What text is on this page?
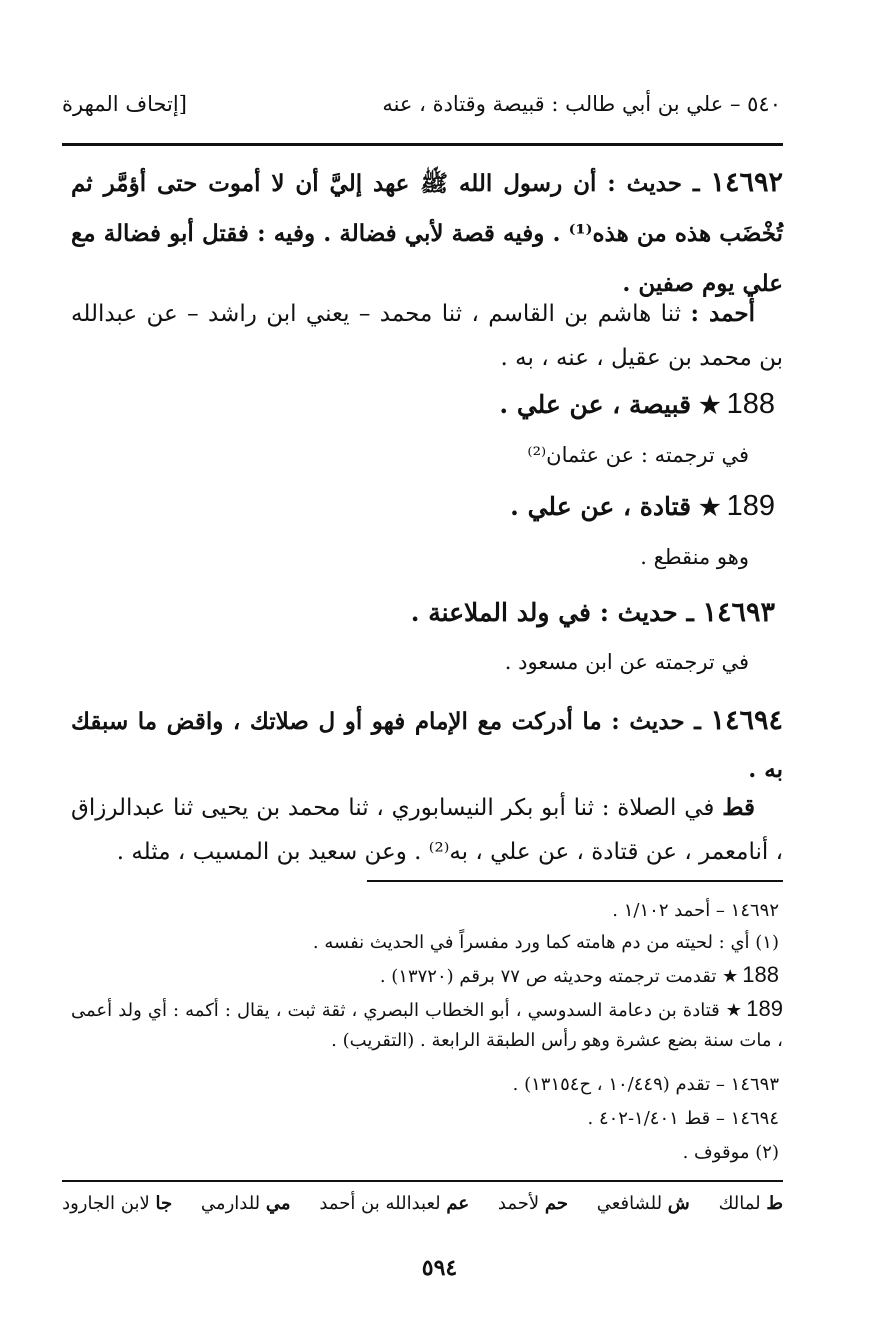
٥٤٠ – علي بن أبي طالب : قبيصة وقتادة ، عنه
[إتحاف المهرة
١٤٦٩٢ ـ حديث : أن رسول الله ﷺ عهد إليَّ أن لا أموت حتى أؤمَّر ثم تُخْضَب هذه من هذه⁽¹⁾ . وفيه قصة لأبي فضالة . وفيه : فقتل أبو فضالة مع علي يوم صفين .
أحمد : ثنا هاشم بن القاسم ، ثنا محمد – يعني ابن راشد – عن عبدالله بن محمد بن عقيل ، عنه ، به .
188★قبيصة ، عن علي .
في ترجمته : عن عثمان⁽²⁾
189★قتادة ، عن علي .
وهو منقطع .
١٤٦٩٣ ـ حديث : في ولد الملاعنة .
في ترجمته عن ابن مسعود .
١٤٦٩٤ ـ حديث : ما أدركت مع الإمام فهو أو ل صلاتك ، واقض ما سبقك به .
قط في الصلاة : ثنا أبو بكر النيسابوري ، ثنا محمد بن يحيى ثنا عبدالرزاق ، أنامعمر ، عن قتادة ، عن علي ، به⁽²⁾ . وعن سعيد بن المسيب ، مثله .
١٤٦٩٢ – أحمد ١/١٠٢ .
(١) أي : لحيته من دم هامته كما ورد مفسراً في الحديث نفسه .
188★ تقدمت ترجمته وحديثه ص ٧٧ برقم (١٣٧٢٠) .
189★ قتادة بن دعامة السدوسي ، أبو الخطاب البصري ، ثقة ثبت ، يقال : أكمه : أي ولد أعمى ، مات سنة بضع عشرة وهو رأس الطبقة الرابعة . (التقريب) .
١٤٦٩٣ – تقدم (١٠/٤٤٩ ، ح١٣١٥٤) .
١٤٦٩٤ – قط ١/٤٠١-٤٠٢ .
(٢) موقوف .
ط لمالك
ش للشافعي
حم لأحمد
عم لعبدالله بن أحمد
مي للدارمي
جا لابن الجارود
٥٩٤
